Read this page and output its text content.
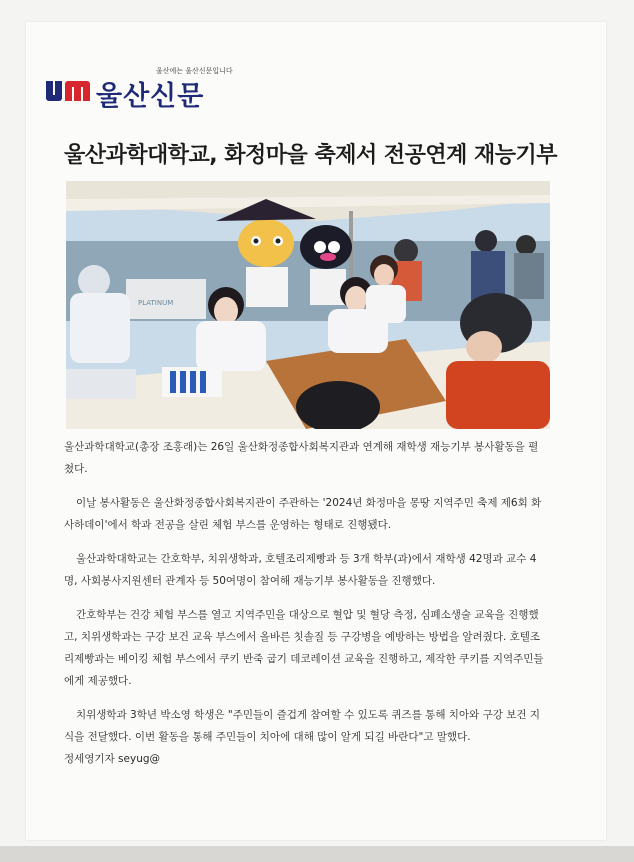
울산에는 울산신문입니다
울산신문
울산과학대학교, 화정마을 축제서 전공연계 재능기부
PLATINUM

울산과학대학교(총장 조홍래)는 26일 울산화정종합사회복지관과 연계해 재학생 재능기부 봉사활동을 펼쳤다.

이날 봉사활동은 울산화정종합사회복지관이 주관하는 '2024년 화정마을 몽땅 지역주민 축제 제6회 화사하데이'에서 학과 전공을 살린 체험 부스를 운영하는 형태로 진행됐다.

울산과학대학교는 간호학부, 치위생학과, 호텔조리제빵과 등 3개 학부(과)에서 재학생 42명과 교수 4명, 사회봉사지원센터 관계자 등 50여명이 참여해 재능기부 봉사활동을 진행했다.

간호학부는 건강 체험 부스를 열고 지역주민을 대상으로 혈압 및 혈당 측정, 심폐소생술 교육을 진행했고, 치위생학과는 구강 보건 교육 부스에서 올바른 칫솔질 등 구강병을 예방하는 방법을 알려줬다. 호텔조리제빵과는 베이킹 체험 부스에서 쿠키 반죽 굽기 데코레이션 교육을 진행하고, 제작한 쿠키를 지역주민들에게 제공했다.

치위생학과 3학년 박소영 학생은 "주민들이 즐겁게 참여할 수 있도록 퀴즈를 통해 치아와 구강 보건 지식을 전달했다. 이번 활동을 통해 주민들이 치아에 대해 많이 알게 되길 바란다"고 말했다.

정세영기자 seyug@
